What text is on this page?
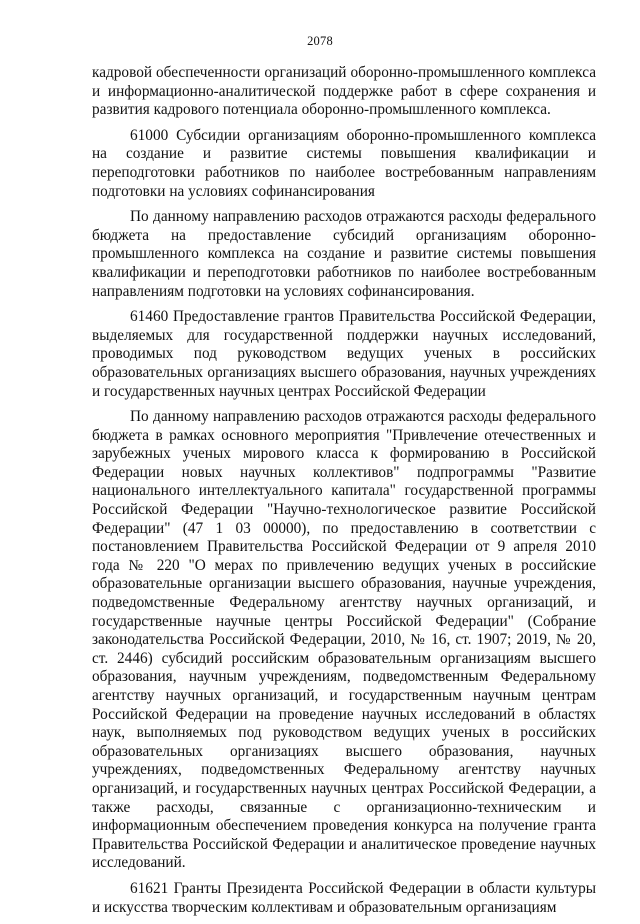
2078

кадровой обеспеченности организаций оборонно-промышленного комплекса и информационно-аналитической поддержке работ в сфере сохранения и развития кадрового потенциала оборонно-промышленного комплекса.

61000 Субсидии организациям оборонно-промышленного комплекса на создание и развитие системы повышения квалификации и переподготовки работников по наиболее востребованным направлениям подготовки на условиях софинансирования

По данному направлению расходов отражаются расходы федерального бюджета на предоставление субсидий организациям оборонно-промышленного комплекса на создание и развитие системы повышения квалификации и переподготовки работников по наиболее востребованным направлениям подготовки на условиях софинансирования.

61460 Предоставление грантов Правительства Российской Федерации, выделяемых для государственной поддержки научных исследований, проводимых под руководством ведущих ученых в российских образовательных организациях высшего образования, научных учреждениях и государственных научных центрах Российской Федерации

По данному направлению расходов отражаются расходы федерального бюджета в рамках основного мероприятия "Привлечение отечественных и зарубежных ученых мирового класса к формированию в Российской Федерации новых научных коллективов" подпрограммы "Развитие национального интеллектуального капитала" государственной программы Российской Федерации "Научно-технологическое развитие Российской Федерации" (47 1 03 00000), по предоставлению в соответствии с постановлением Правительства Российской Федерации от 9 апреля 2010 года № 220 "О мерах по привлечению ведущих ученых в российские образовательные организации высшего образования, научные учреждения, подведомственные Федеральному агентству научных организаций, и государственные научные центры Российской Федерации" (Собрание законодательства Российской Федерации, 2010, № 16, ст. 1907; 2019, № 20, ст. 2446) субсидий российским образовательным организациям высшего образования, научным учреждениям, подведомственным Федеральному агентству научных организаций, и государственным научным центрам Российской Федерации на проведение научных исследований в областях наук, выполняемых под руководством ведущих ученых в российских образовательных организациях высшего образования, научных учреждениях, подведомственных Федеральному агентству научных организаций, и государственных научных центрах Российской Федерации, а также расходы, связанные с организационно-техническим и информационным обеспечением проведения конкурса на получение гранта Правительства Российской Федерации и аналитическое проведение научных исследований.

61621 Гранты Президента Российской Федерации в области культуры и искусства творческим коллективам и образовательным организациям
